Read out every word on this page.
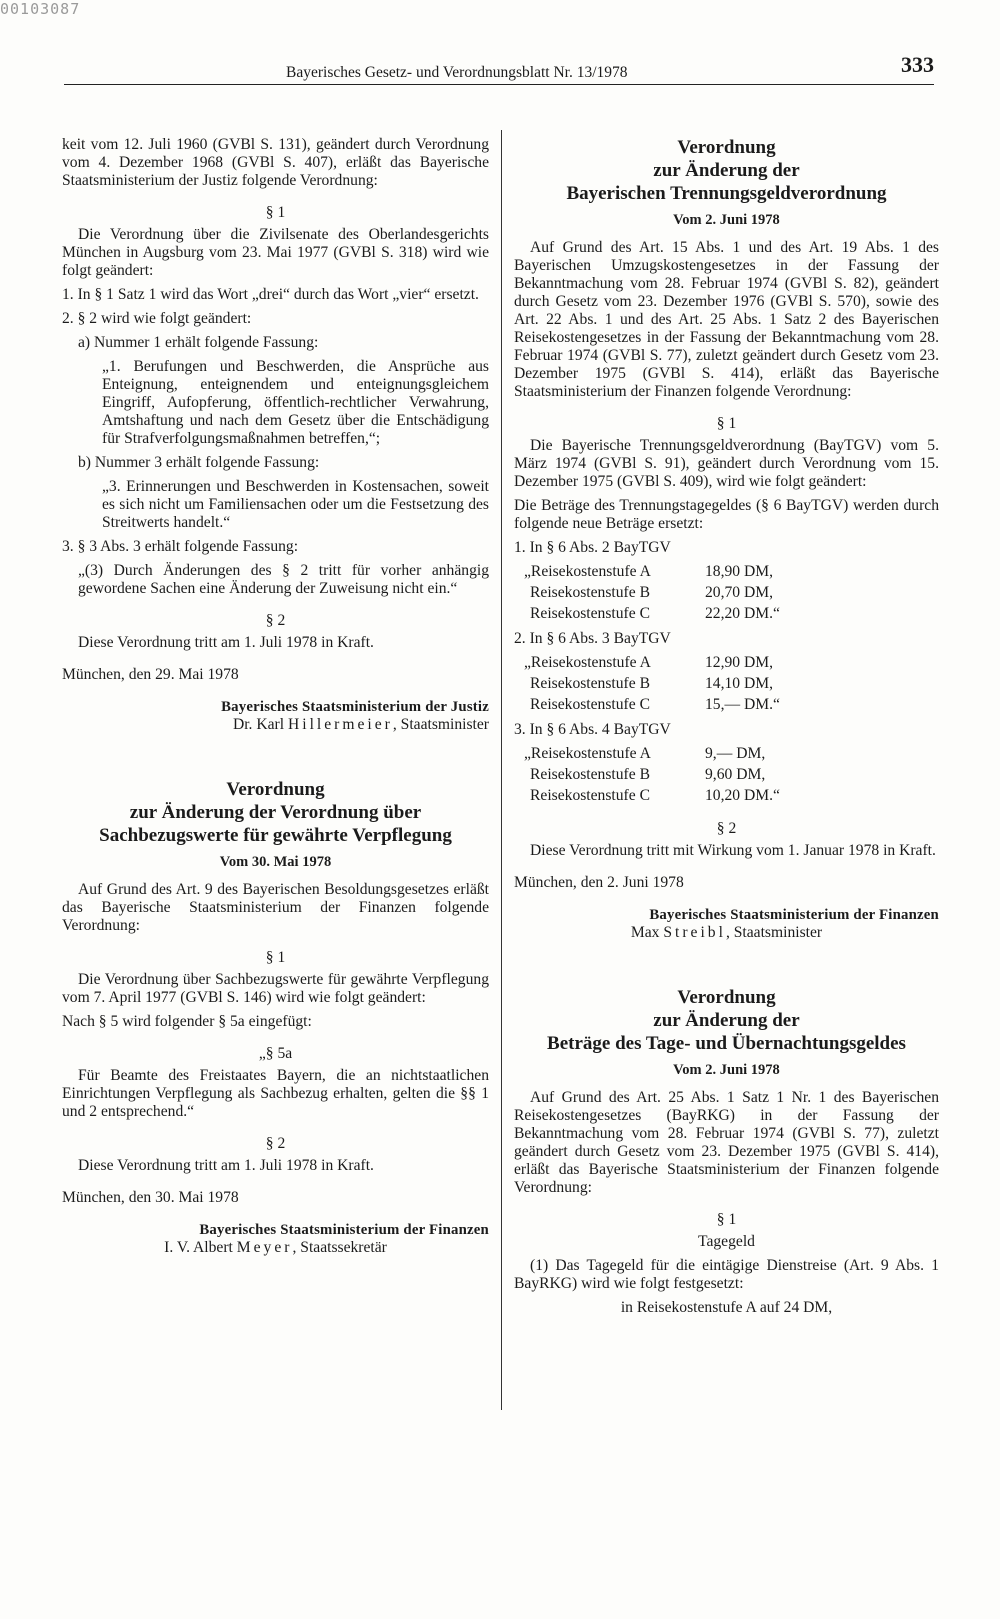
00103087
Bayerisches Gesetz- und Verordnungsblatt Nr. 13/1978	333

keit vom 12. Juli 1960 (GVBl S. 131), geändert durch Verordnung vom 4. Dezember 1968 (GVBl S. 407), erläßt das Bayerische Staatsministerium der Justiz folgende Verordnung:

§ 1

Die Verordnung über die Zivilsenate des Oberlandesgerichts München in Augsburg vom 23. Mai 1977 (GVBl S. 318) wird wie folgt geändert:

1. In § 1 Satz 1 wird das Wort „drei“ durch das Wort „vier“ ersetzt.

2. § 2 wird wie folgt geändert:

a) Nummer 1 erhält folgende Fassung:

„1. Berufungen und Beschwerden, die Ansprüche aus Enteignung, enteignendem und enteignungsgleichem Eingriff, Aufopferung, öffentlich-rechtlicher Verwahrung, Amtshaftung und nach dem Gesetz über die Entschädigung für Strafverfolgungsmaßnahmen betreffen,“;

b) Nummer 3 erhält folgende Fassung:

„3. Erinnerungen und Beschwerden in Kostensachen, soweit es sich nicht um Familiensachen oder um die Festsetzung des Streitwerts handelt.“

3. § 3 Abs. 3 erhält folgende Fassung:

„(3) Durch Änderungen des § 2 tritt für vorher anhängig gewordene Sachen eine Änderung der Zuweisung nicht ein.“

§ 2

Diese Verordnung tritt am 1. Juli 1978 in Kraft.

München, den 29. Mai 1978

Bayerisches Staatsministerium der Justiz

Dr. Karl Hillermeier, Staatsminister

Verordnung
zur Änderung der Verordnung über
Sachbezugswerte für gewährte Verpflegung

Vom 30. Mai 1978

Auf Grund des Art. 9 des Bayerischen Besoldungsgesetzes erläßt das Bayerische Staatsministerium der Finanzen folgende Verordnung:

§ 1

Die Verordnung über Sachbezugswerte für gewährte Verpflegung vom 7. April 1977 (GVBl S. 146) wird wie folgt geändert:

Nach § 5 wird folgender § 5a eingefügt:

„§ 5a

Für Beamte des Freistaates Bayern, die an nichtstaatlichen Einrichtungen Verpflegung als Sachbezug erhalten, gelten die §§ 1 und 2 entsprechend.“

§ 2

Diese Verordnung tritt am 1. Juli 1978 in Kraft.

München, den 30. Mai 1978

Bayerisches Staatsministerium der Finanzen

I. V. Albert Meyer, Staatssekretär

Verordnung
zur Änderung der
Bayerischen Trennungsgeldverordnung

Vom 2. Juni 1978

Auf Grund des Art. 15 Abs. 1 und des Art. 19 Abs. 1 des Bayerischen Umzugskostengesetzes in der Fassung der Bekanntmachung vom 28. Februar 1974 (GVBl S. 82), geändert durch Gesetz vom 23. Dezember 1976 (GVBl S. 570), sowie des Art. 22 Abs. 1 und des Art. 25 Abs. 1 Satz 2 des Bayerischen Reisekostengesetzes in der Fassung der Bekanntmachung vom 28. Februar 1974 (GVBl S. 77), zuletzt geändert durch Gesetz vom 23. Dezember 1975 (GVBl S. 414), erläßt das Bayerische Staatsministerium der Finanzen folgende Verordnung:

§ 1

Die Bayerische Trennungsgeldverordnung (BayTGV) vom 5. März 1974 (GVBl S. 91), geändert durch Verordnung vom 15. Dezember 1975 (GVBl S. 409), wird wie folgt geändert:

Die Beträge des Trennungstagegeldes (§ 6 BayTGV) werden durch folgende neue Beträge ersetzt:

1. In § 6 Abs. 2 BayTGV

„Reisekostenstufe A	18,90 DM,
Reisekostenstufe B	20,70 DM,
Reisekostenstufe C	22,20 DM.“

2. In § 6 Abs. 3 BayTGV

„Reisekostenstufe A	12,90 DM,
Reisekostenstufe B	14,10 DM,
Reisekostenstufe C	15,— DM.“

3. In § 6 Abs. 4 BayTGV

„Reisekostenstufe A	9,— DM,
Reisekostenstufe B	9,60 DM,
Reisekostenstufe C	10,20 DM.“

§ 2

Diese Verordnung tritt mit Wirkung vom 1. Januar 1978 in Kraft.

München, den 2. Juni 1978

Bayerisches Staatsministerium der Finanzen

Max Streibl, Staatsminister

Verordnung
zur Änderung der
Beträge des Tage- und Übernachtungsgeldes

Vom 2. Juni 1978

Auf Grund des Art. 25 Abs. 1 Satz 1 Nr. 1 des Bayerischen Reisekostengesetzes (BayRKG) in der Fassung der Bekanntmachung vom 28. Februar 1974 (GVBl S. 77), zuletzt geändert durch Gesetz vom 23. Dezember 1975 (GVBl S. 414), erläßt das Bayerische Staatsministerium der Finanzen folgende Verordnung:

§ 1

Tagegeld

(1) Das Tagegeld für die eintägige Dienstreise (Art. 9 Abs. 1 BayRKG) wird wie folgt festgesetzt:

in Reisekostenstufe A auf 24 DM,
